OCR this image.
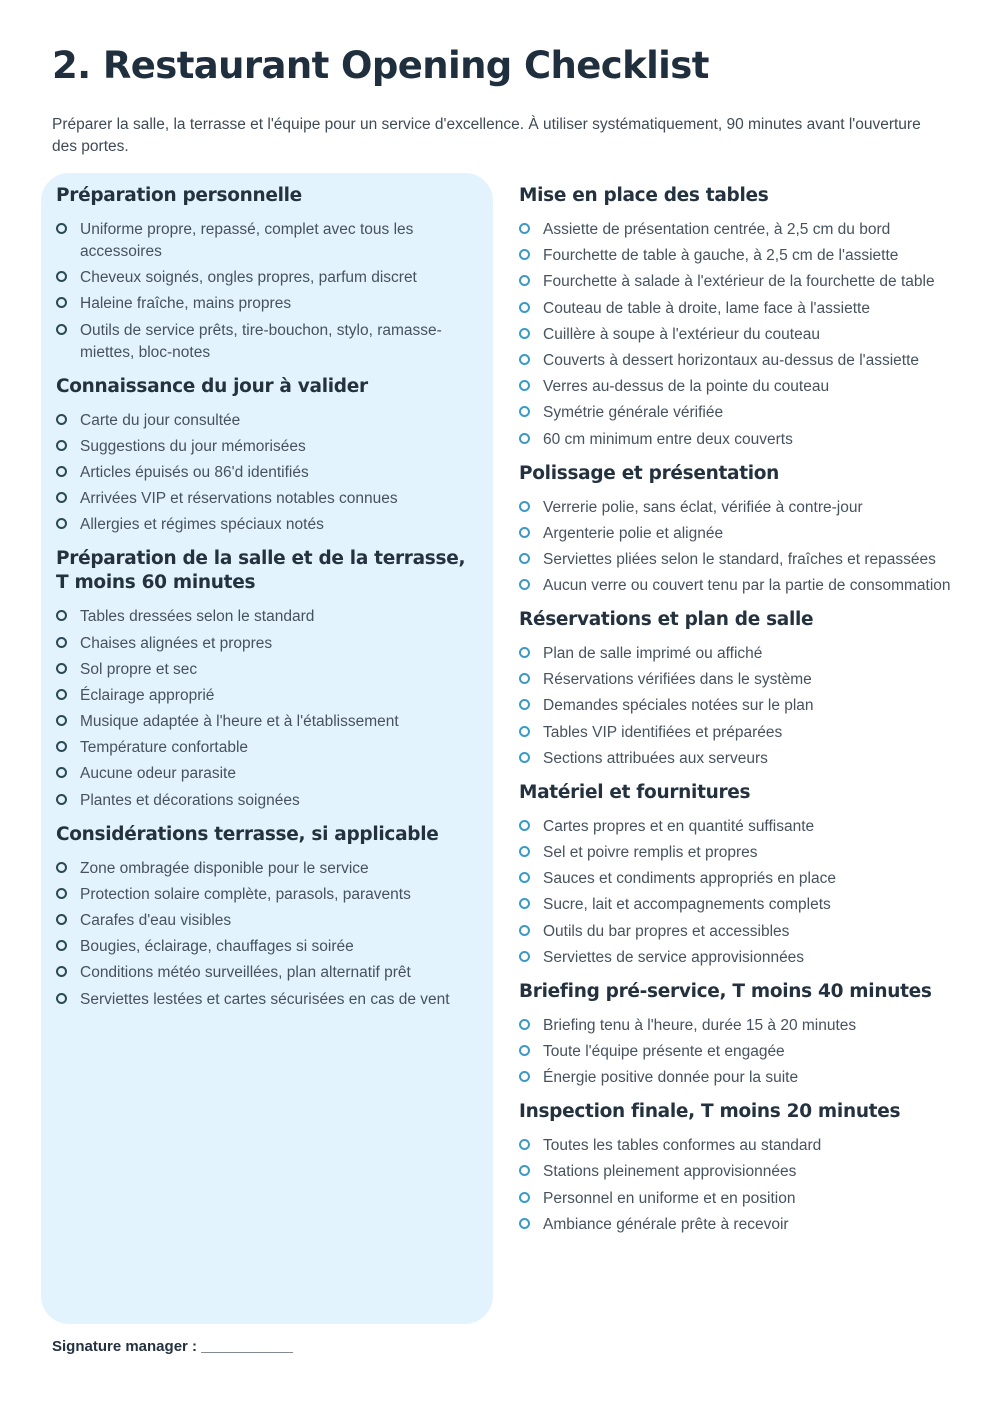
2. Restaurant Opening Checklist

Préparer la salle, la terrasse et l'équipe pour un service d'excellence. À utiliser systématiquement, 90 minutes avant l'ouverture des portes.

Préparation personnelle
Uniforme propre, repassé, complet avec tous les accessoires
Cheveux soignés, ongles propres, parfum discret
Haleine fraîche, mains propres
Outils de service prêts, tire-bouchon, stylo, ramasse-miettes, bloc-notes
Connaissance du jour à valider
Carte du jour consultée
Suggestions du jour mémorisées
Articles épuisés ou 86'd identifiés
Arrivées VIP et réservations notables connues
Allergies et régimes spéciaux notés
Préparation de la salle et de la terrasse, T moins 60 minutes
Tables dressées selon le standard
Chaises alignées et propres
Sol propre et sec
Éclairage approprié
Musique adaptée à l'heure et à l'établissement
Température confortable
Aucune odeur parasite
Plantes et décorations soignées
Considérations terrasse, si applicable
Zone ombragée disponible pour le service
Protection solaire complète, parasols, paravents
Carafes d'eau visibles
Bougies, éclairage, chauffages si soirée
Conditions météo surveillées, plan alternatif prêt
Serviettes lestées et cartes sécurisées en cas de vent
Mise en place des tables
Assiette de présentation centrée, à 2,5 cm du bord
Fourchette de table à gauche, à 2,5 cm de l'assiette
Fourchette à salade à l'extérieur de la fourchette de table
Couteau de table à droite, lame face à l'assiette
Cuillère à soupe à l'extérieur du couteau
Couverts à dessert horizontaux au-dessus de l'assiette
Verres au-dessus de la pointe du couteau
Symétrie générale vérifiée
60 cm minimum entre deux couverts
Polissage et présentation
Verrerie polie, sans éclat, vérifiée à contre-jour
Argenterie polie et alignée
Serviettes pliées selon le standard, fraîches et repassées
Aucun verre ou couvert tenu par la partie de consommation
Réservations et plan de salle
Plan de salle imprimé ou affiché
Réservations vérifiées dans le système
Demandes spéciales notées sur le plan
Tables VIP identifiées et préparées
Sections attribuées aux serveurs
Matériel et fournitures
Cartes propres et en quantité suffisante
Sel et poivre remplis et propres
Sauces et condiments appropriés en place
Sucre, lait et accompagnements complets
Outils du bar propres et accessibles
Serviettes de service approvisionnées
Briefing pré-service, T moins 40 minutes
Briefing tenu à l'heure, durée 15 à 20 minutes
Toute l'équipe présente et engagée
Énergie positive donnée pour la suite
Inspection finale, T moins 20 minutes
Toutes les tables conformes au standard
Stations pleinement approvisionnées
Personnel en uniforme et en position
Ambiance générale prête à recevoir
Signature manager : ___________
